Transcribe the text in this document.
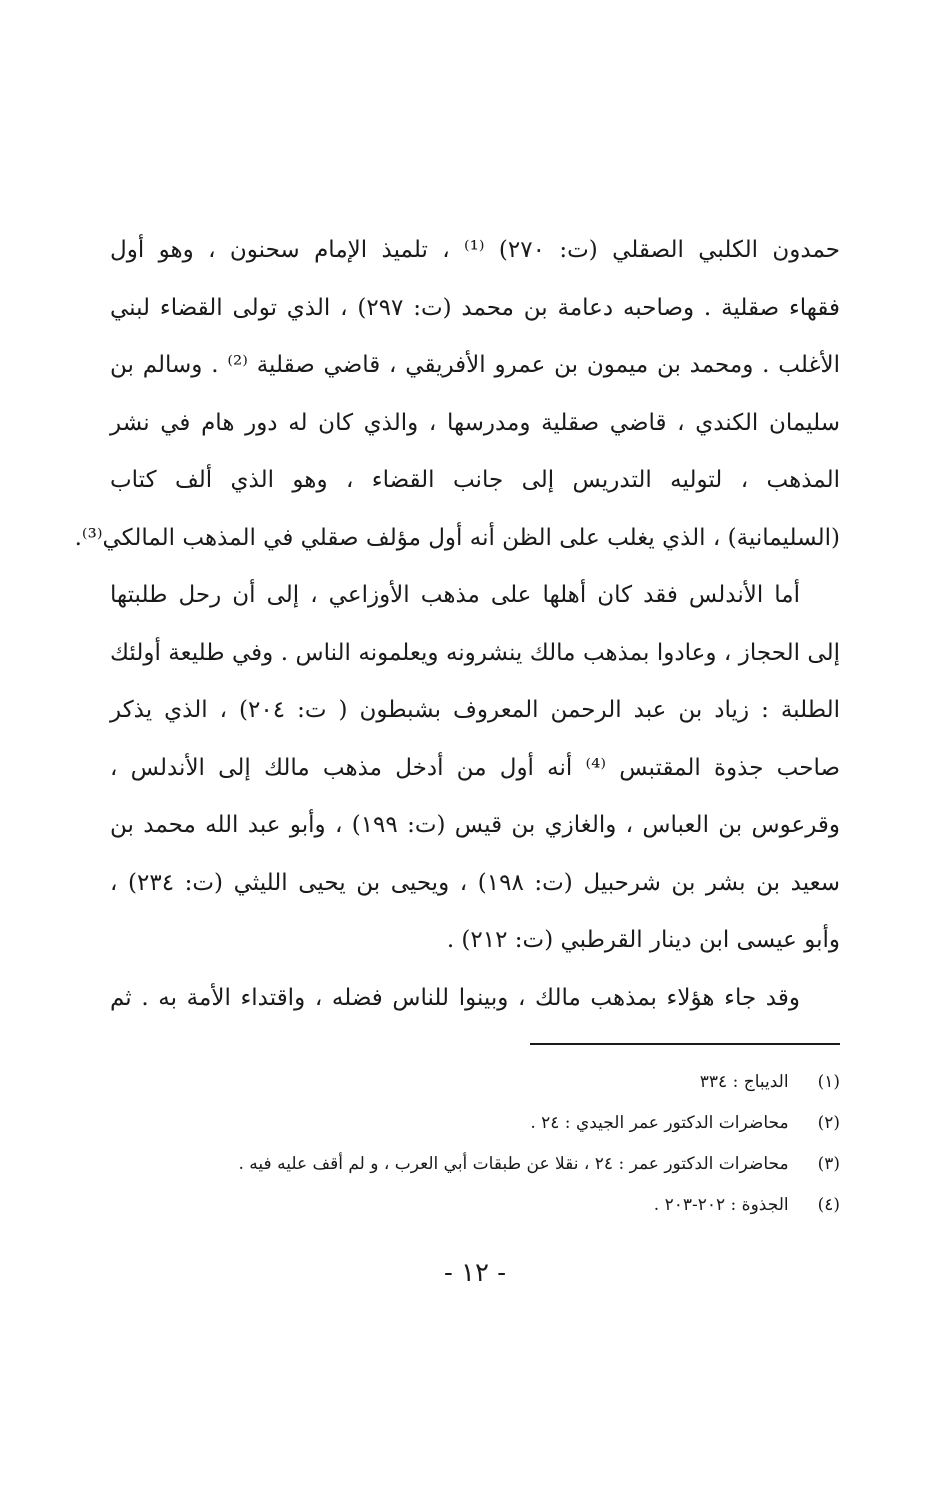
حمدون الكلبي الصقلي (ت: ٢٧٠) ⁽¹⁾ ، تلميذ الإمام سحنون ، وهو أول
فقهاء صقلية . وصاحبه دعامة بن محمد (ت: ٢٩٧) ، الذي تولى القضاء لبني
الأغلب . ومحمد بن ميمون بن عمرو الأفريقي ، قاضي صقلية ⁽²⁾ . وسالم بن
سليمان الكندي ، قاضي صقلية ومدرسها ، والذي كان له دور هام في نشر
المذهب ، لتوليه التدريس إلى جانب القضاء ، وهو الذي ألف كتاب
(السليمانية) ، الذي يغلب على الظن أنه أول مؤلف صقلي في المذهب المالكي⁽³⁾.
أما الأندلس فقد كان أهلها على مذهب الأوزاعي ، إلى أن رحل طلبتها
إلى الحجاز ، وعادوا بمذهب مالك ينشرونه ويعلمونه الناس . وفي طليعة أولئك
الطلبة : زياد بن عبد الرحمن المعروف بشبطون ( ت: ٢٠٤) ، الذي يذكر
صاحب جذوة المقتبس ⁽⁴⁾ أنه أول من أدخل مذهب مالك إلى الأندلس ،
وقرعوس بن العباس ، والغازي بن قيس (ت: ١٩٩) ، وأبو عبد الله محمد بن
سعيد بن بشر بن شرحبيل (ت: ١٩٨) ، ويحيى بن يحيى الليثي (ت: ٢٣٤) ،
وأبو عيسى ابن دينار القرطبي (ت: ٢١٢) .
وقد جاء هؤلاء بمذهب مالك ، وبينوا للناس فضله ، واقتداء الأمة به . ثم
(١) الديباج : ٣٣٤
(٢) محاضرات الدكتور عمر الجيدي : ٢٤ .
(٣) محاضرات الدكتور عمر : ٢٤ ، نقلا عن طبقات أبي العرب ، و لم أقف عليه فيه .
(٤) الجذوة : ٢٠٢-٢٠٣ .
- ١٢ -
